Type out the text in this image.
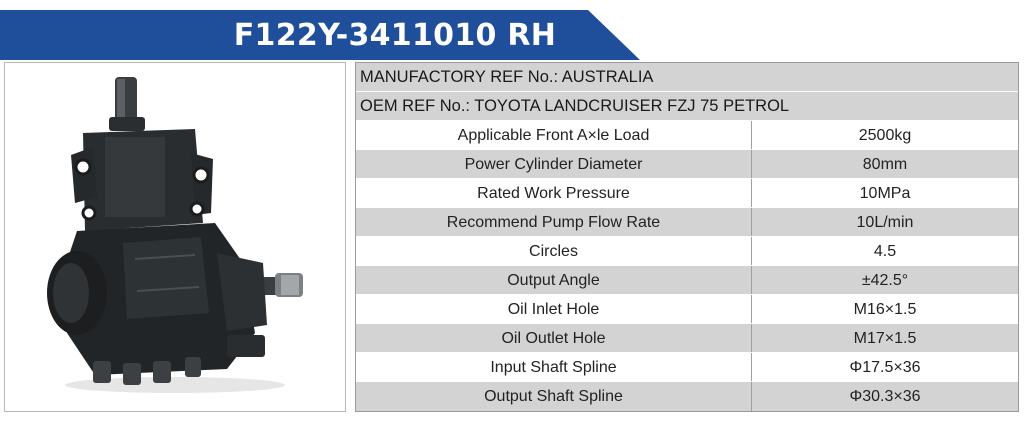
F122Y-3411010 RH
MANUFACTORY REF No.: AUSTRALIA
OEM REF No.: TOYOTA LANDCRUISER FZJ 75 PETROL
Applicable Front A×le Load	2500kg
Power Cylinder Diameter	80mm
Rated Work Pressure	10MPa
Recommend Pump Flow Rate	10L/min
Circles	4.5
Output Angle	±42.5°
Oil Inlet Hole	M16×1.5
Oil Outlet Hole	M17×1.5
Input Shaft Spline	Φ17.5×36
Output Shaft Spline	Φ30.3×36
